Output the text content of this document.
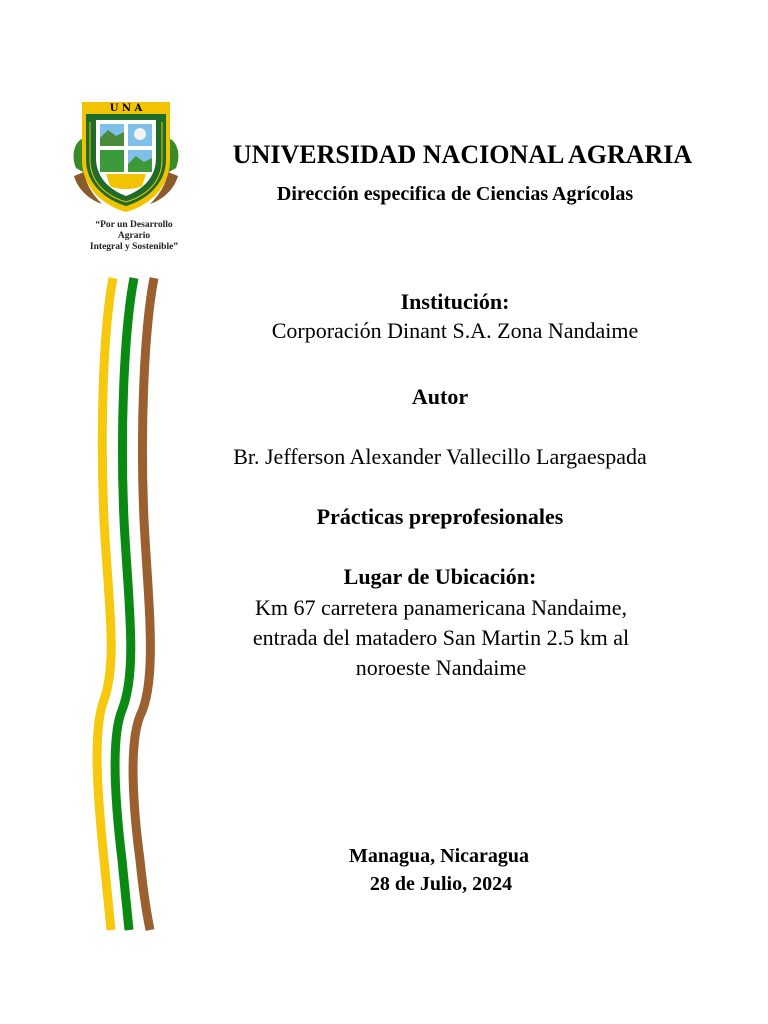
U N A
“Por un Desarrollo
Agrario
Integral y Sostenible”
UNIVERSIDAD NACIONAL AGRARIA
Dirección especifica de Ciencias Agrícolas
Institución:
Corporación Dinant S.A. Zona Nandaime
Autor
Br. Jefferson Alexander Vallecillo Largaespada
Prácticas preprofesionales
Lugar de Ubicación:
Km 67 carretera panamericana Nandaime,
entrada del matadero San Martin 2.5 km al
noroeste Nandaime
Managua, Nicaragua
28 de Julio, 2024
